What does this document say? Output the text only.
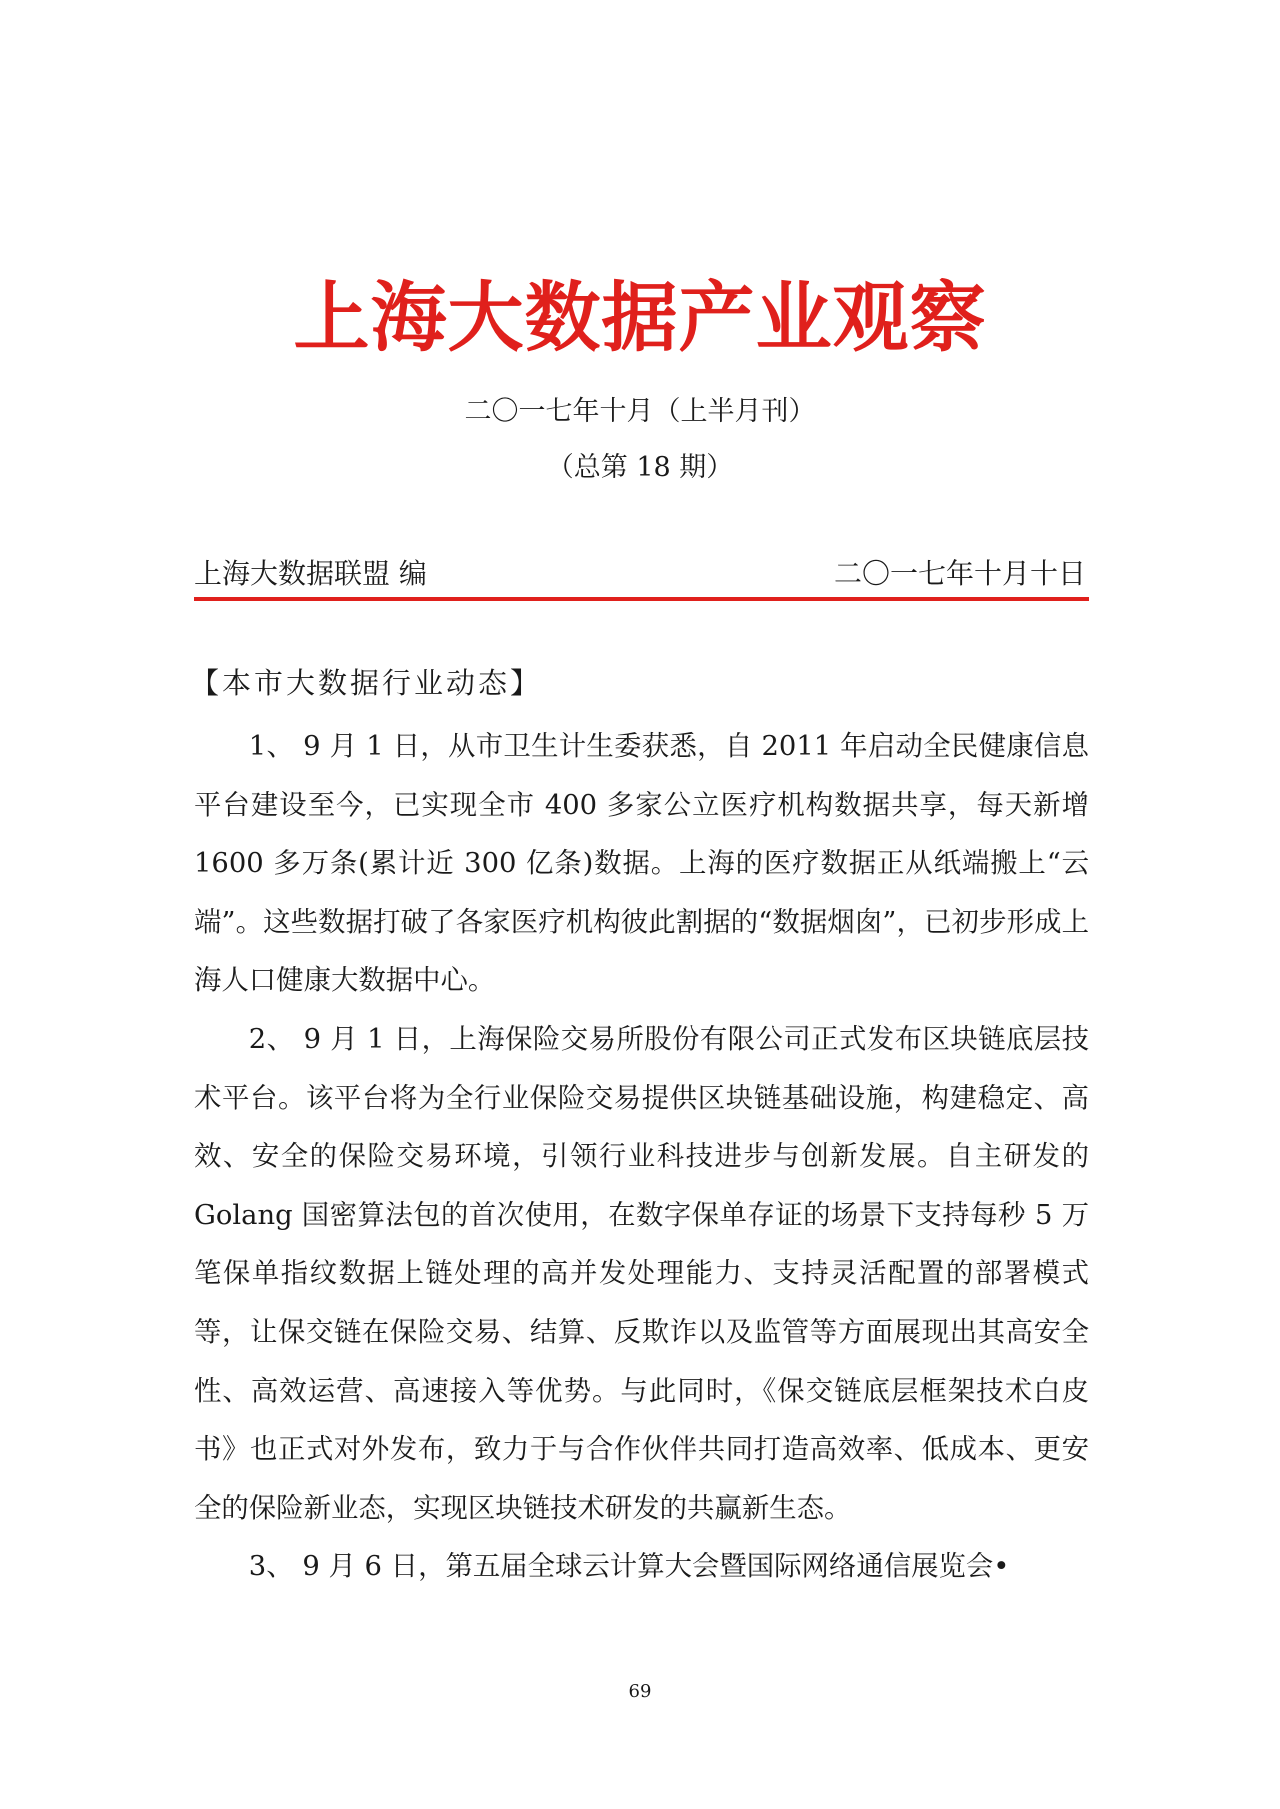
上海大数据产业观察
二〇一七年十月（上半月刊）
（总第 18 期）
上海大数据联盟 编	二〇一七年十月十日
【本市大数据行业动态】

1、 9 月 1 日，从市卫生计生委获悉，自 2011 年启动全民健康信息平台建设至今，已实现全市 400 多家公立医疗机构数据共享，每天新增 1600 多万条(累计近 300 亿条)数据。上海的医疗数据正从纸端搬上“云端”。这些数据打破了各家医疗机构彼此割据的“数据烟囱”，已初步形成上海人口健康大数据中心。

2、 9 月 1 日，上海保险交易所股份有限公司正式发布区块链底层技术平台。该平台将为全行业保险交易提供区块链基础设施，构建稳定、高效、安全的保险交易环境，引领行业科技进步与创新发展。自主研发的 Golang 国密算法包的首次使用，在数字保单存证的场景下支持每秒 5 万笔保单指纹数据上链处理的高并发处理能力、支持灵活配置的部署模式等，让保交链在保险交易、结算、反欺诈以及监管等方面展现出其高安全性、高效运营、高速接入等优势。与此同时，《保交链底层框架技术白皮书》也正式对外发布，致力于与合作伙伴共同打造高效率、低成本、更安全的保险新业态，实现区块链技术研发的共赢新生态。

3、 9 月 6 日，第五届全球云计算大会暨国际网络通信展览会•

69
